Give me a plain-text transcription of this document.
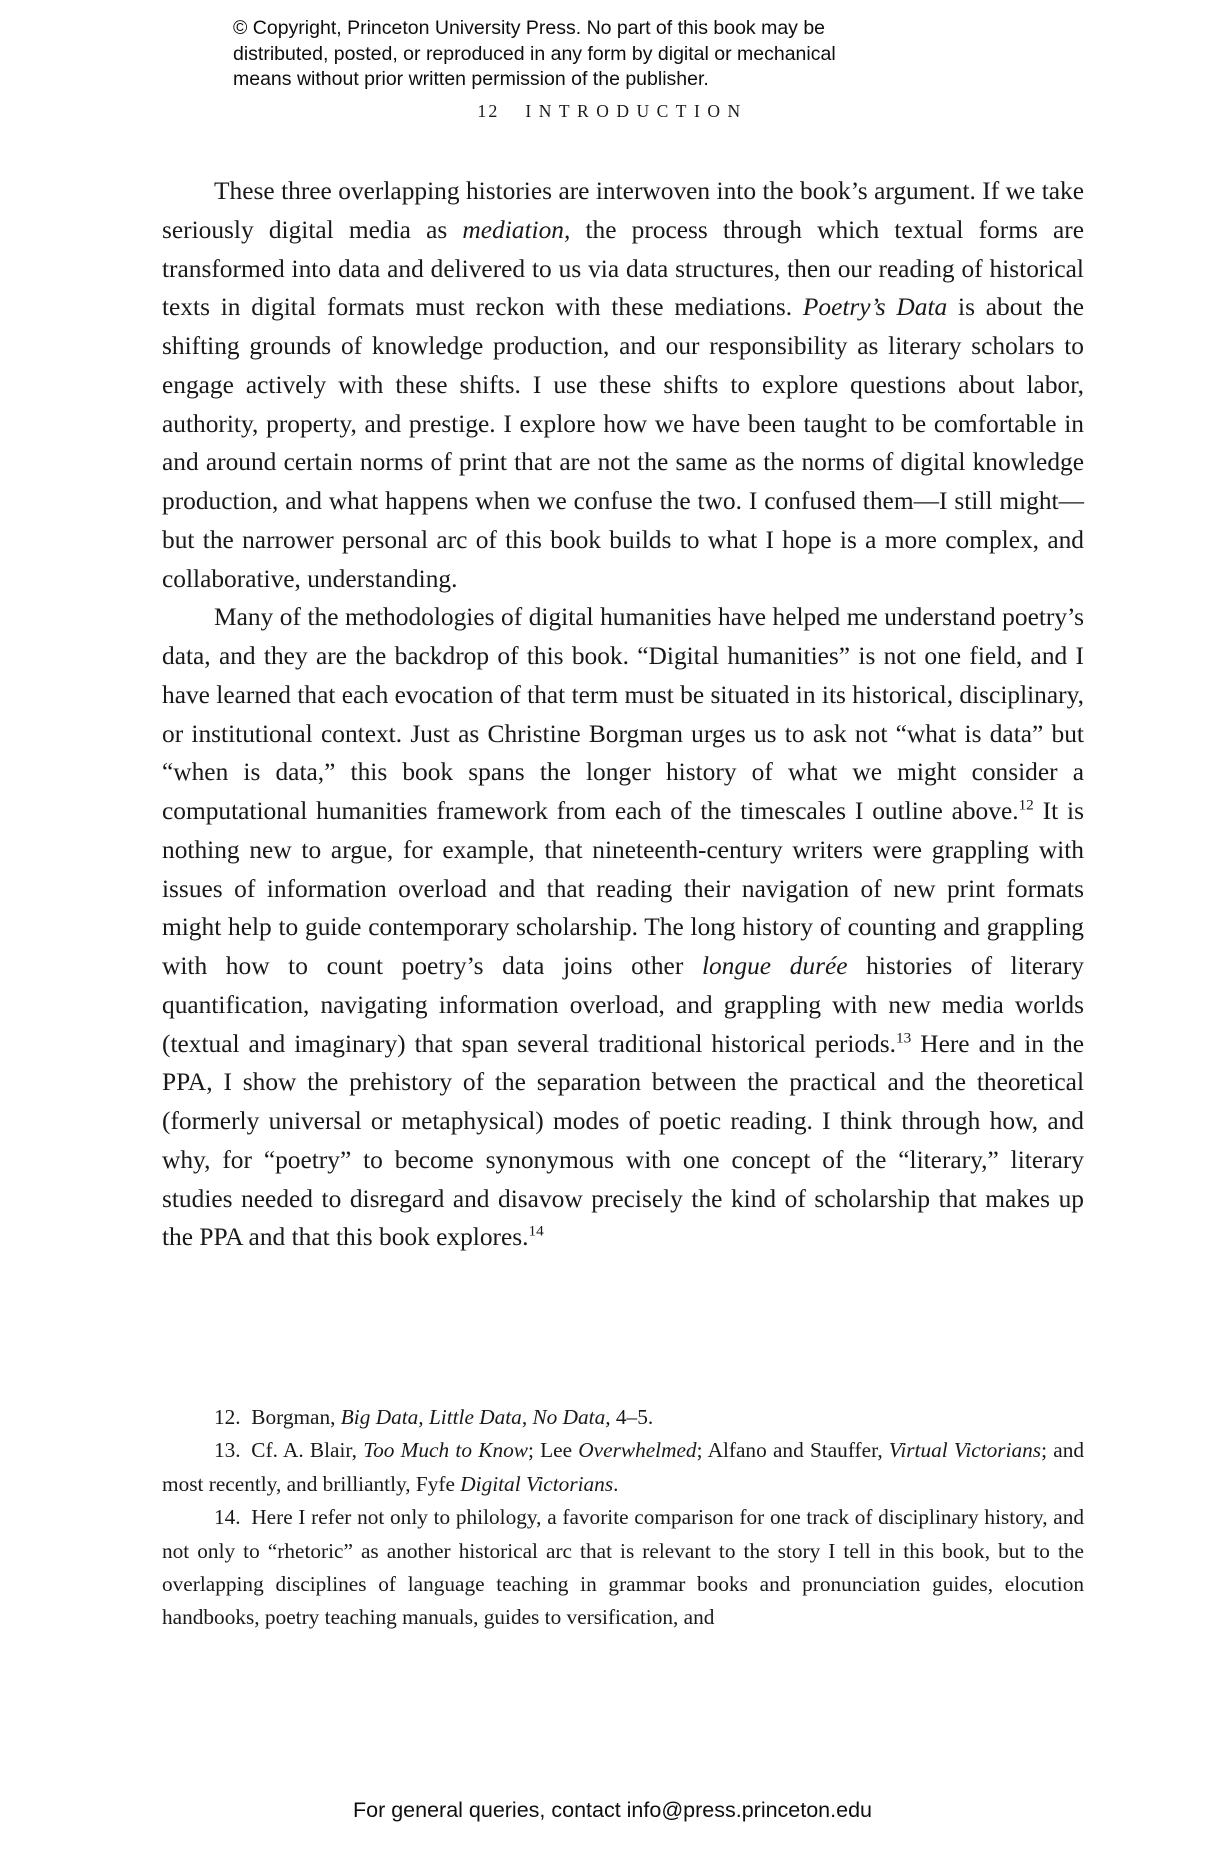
© Copyright, Princeton University Press. No part of this book may be
distributed, posted, or reproduced in any form by digital or mechanical
means without prior written permission of the publisher.
12 INTRODUCTION

These three overlapping histories are interwoven into the book’s argument. If we take seriously digital media as mediation, the process through which textual forms are transformed into data and delivered to us via data structures, then our reading of historical texts in digital formats must reckon with these mediations. Poetry’s Data is about the shifting grounds of knowledge production, and our responsibility as literary scholars to engage actively with these shifts. I use these shifts to explore questions about labor, authority, property, and prestige. I explore how we have been taught to be comfortable in and around certain norms of print that are not the same as the norms of digital knowledge production, and what happens when we confuse the two. I confused them—I still might—but the narrower personal arc of this book builds to what I hope is a more complex, and collaborative, understanding.

Many of the methodologies of digital humanities have helped me understand poetry’s data, and they are the backdrop of this book. “Digital humanities” is not one field, and I have learned that each evocation of that term must be situated in its historical, disciplinary, or institutional context. Just as Christine Borgman urges us to ask not “what is data” but “when is data,” this book spans the longer history of what we might consider a computational humanities framework from each of the timescales I outline above.$^{12}$ It is nothing new to argue, for example, that nineteenth-century writers were grappling with issues of information overload and that reading their navigation of new print formats might help to guide contemporary scholarship. The long history of counting and grappling with how to count poetry’s data joins other longue durée histories of literary quantification, navigating information overload, and grappling with new media worlds (textual and imaginary) that span several traditional historical periods.$^{13}$ Here and in the PPA, I show the prehistory of the separation between the practical and the theoretical (formerly universal or metaphysical) modes of poetic reading. I think through how, and why, for “poetry” to become synonymous with one concept of the “literary,” literary studies needed to disregard and disavow precisely the kind of scholarship that makes up the PPA and that this book explores.$^{14}$

12. Borgman, Big Data, Little Data, No Data, 4–5.

13. Cf. A. Blair, Too Much to Know; Lee Overwhelmed; Alfano and Stauffer, Virtual Victorians; and most recently, and brilliantly, Fyfe Digital Victorians.

14. Here I refer not only to philology, a favorite comparison for one track of disciplinary history, and not only to “rhetoric” as another historical arc that is relevant to the story I tell in this book, but to the overlapping disciplines of language teaching in grammar books and pronunciation guides, elocution handbooks, poetry teaching manuals, guides to versification, and

For general queries, contact info@press.princeton.edu
